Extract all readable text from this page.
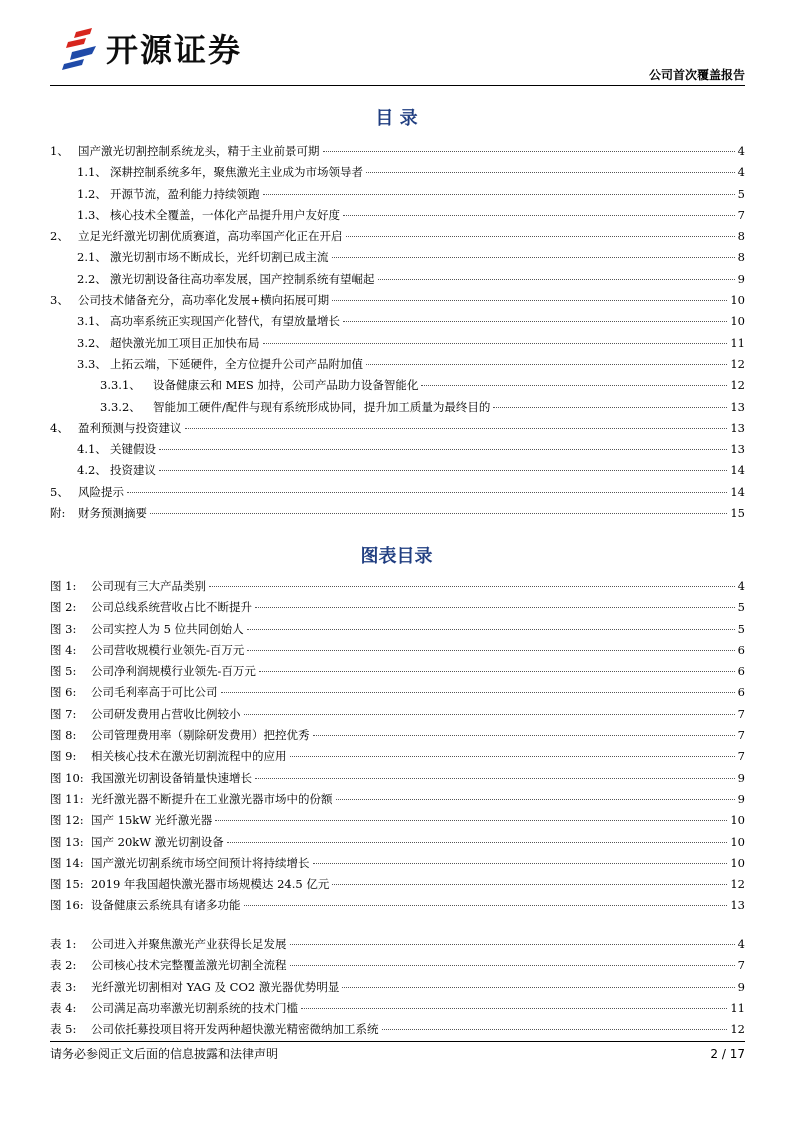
开源证券
公司首次覆盖报告
目 录
1、 国产激光切割控制系统龙头，精于主业前景可期	4
1.1、 深耕控制系统多年，聚焦激光主业成为市场领导者	4
1.2、 开源节流，盈利能力持续领跑	5
1.3、 核心技术全覆盖，一体化产品提升用户友好度	7
2、 立足光纤激光切割优质赛道，高功率国产化正在开启	8
2.1、 激光切割市场不断成长，光纤切割已成主流	8
2.2、 激光切割设备往高功率发展，国产控制系统有望崛起	9
3、 公司技术储备充分，高功率化发展+横向拓展可期	10
3.1、 高功率系统正实现国产化替代，有望放量增长	10
3.2、 超快激光加工项目正加快布局	11
3.3、 上拓云端，下延硬件，全方位提升公司产品附加值	12
3.3.1、	设备健康云和 MES 加持，公司产品助力设备智能化	12
3.3.2、	智能加工硬件/配件与现有系统形成协同，提升加工质量为最终目的	13
4、 盈利预测与投资建议	13
4.1、 关键假设	13
4.2、 投资建议	14
5、 风险提示	14
附:	财务预测摘要	15
图表目录
图 1:	公司现有三大产品类别	4
图 2:	公司总线系统营收占比不断提升	5
图 3:	公司实控人为 5 位共同创始人	5
图 4:	公司营收规模行业领先-百万元	6
图 5:	公司净利润规模行业领先-百万元	6
图 6:	公司毛利率高于可比公司	6
图 7:	公司研发费用占营收比例较小	7
图 8:	公司管理费用率（剔除研发费用）把控优秀	7
图 9:	相关核心技术在激光切割流程中的应用	7
图 10: 我国激光切割设备销量快速增长	9
图 11: 光纤激光器不断提升在工业激光器市场中的份额	9
图 12: 国产 15kW 光纤激光器	10
图 13: 国产 20kW 激光切割设备	10
图 14: 国产激光切割系统市场空间预计将持续增长	10
图 15: 2019 年我国超快激光器市场规模达 24.5 亿元	12
图 16: 设备健康云系统具有诸多功能	13
表 1:	公司进入并聚焦激光产业获得长足发展	4
表 2:	公司核心技术完整覆盖激光切割全流程	7
表 3:	光纤激光切割相对 YAG 及 CO2 激光器优势明显	9
表 4:	公司满足高功率激光切割系统的技术门槛	11
表 5:	公司依托募投项目将开发两种超快激光精密微纳加工系统	12
请务必参阅正文后面的信息披露和法律声明	2 / 17
